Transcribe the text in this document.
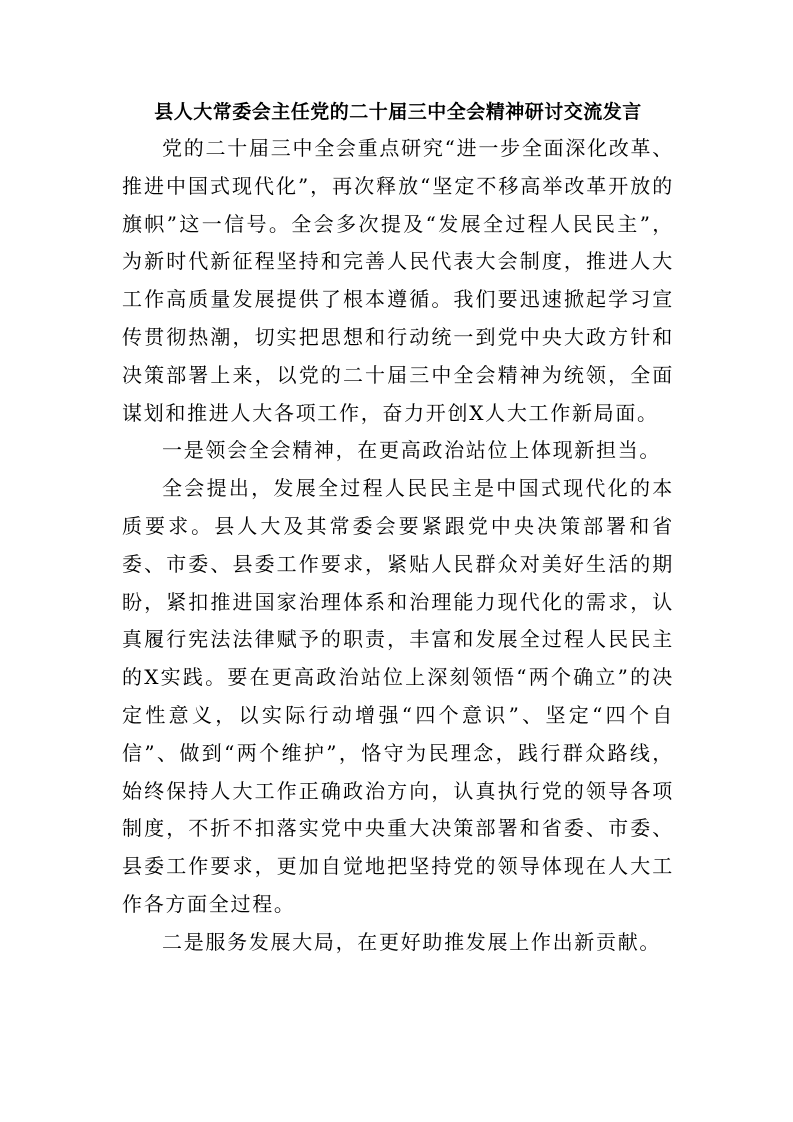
县人大常委会主任党的二十届三中全会精神研讨交流发言

党的二十届三中全会重点研究“进一步全面深化改革、推进中国式现代化”，再次释放“坚定不移高举改革开放的旗帜”这一信号。全会多次提及“发展全过程人民民主”，为新时代新征程坚持和完善人民代表大会制度，推进人大工作高质量发展提供了根本遵循。我们要迅速掀起学习宣传贯彻热潮，切实把思想和行动统一到党中央大政方针和决策部署上来，以党的二十届三中全会精神为统领，全面谋划和推进人大各项工作，奋力开创X人大工作新局面。

一是领会全会精神，在更高政治站位上体现新担当。

全会提出，发展全过程人民民主是中国式现代化的本质要求。县人大及其常委会要紧跟党中央决策部署和省委、市委、县委工作要求，紧贴人民群众对美好生活的期盼，紧扣推进国家治理体系和治理能力现代化的需求，认真履行宪法法律赋予的职责，丰富和发展全过程人民民主的X实践。要在更高政治站位上深刻领悟“两个确立”的决定性意义，以实际行动增强“四个意识”、坚定“四个自信”、做到“两个维护”，恪守为民理念，践行群众路线，始终保持人大工作正确政治方向，认真执行党的领导各项制度，不折不扣落实党中央重大决策部署和省委、市委、县委工作要求，更加自觉地把坚持党的领导体现在人大工作各方面全过程。

二是服务发展大局，在更好助推发展上作出新贡献。
